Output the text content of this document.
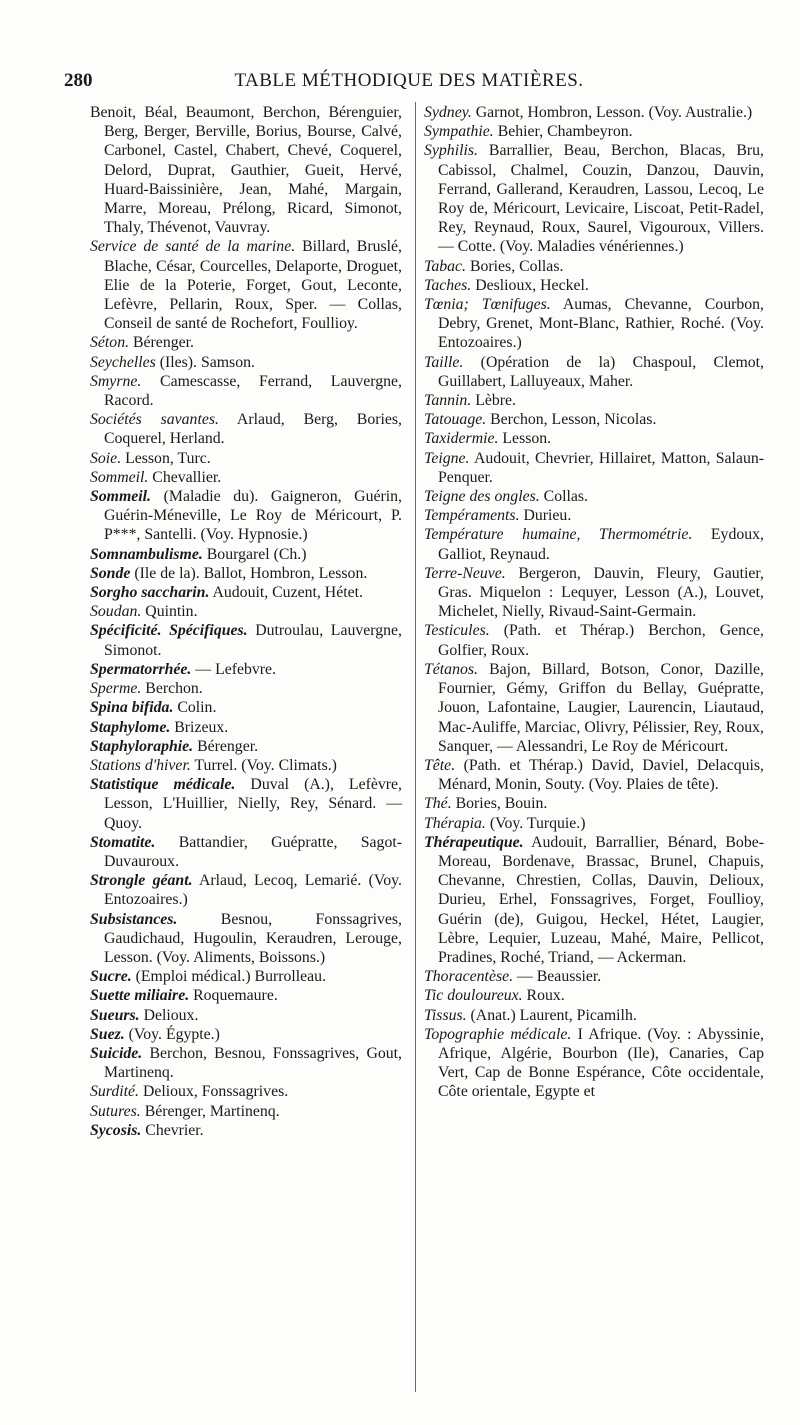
280	TABLE MÉTHODIQUE DES MATIÈRES.
Benoit, Béal, Beaumont, Berchon, Bérenguier, Berg, Berger, Berville, Borius, Bourse, Calvé, Carbonel, Castel, Chabert, Chevé, Coquerel, Delord, Duprat, Gauthier, Gueit, Hervé, Huard-Baissinière, Jean, Mahé, Margain, Marre, Moreau, Prélong, Ricard, Simonot, Thaly, Thévenot, Vauvray.
Service de santé de la marine. Billard, Bruslé, Blache, César, Courcelles, Delaporte, Droguet, Elie de la Poterie, Forget, Gout, Leconte, Lefèvre, Pellarin, Roux, Sper. — Collas, Conseil de santé de Rochefort, Foullioy.
Séton. Bérenger.
Seychelles (Iles). Samson.
Smyrne. Camescasse, Ferrand, Lauvergne, Racord.
Sociétés savantes. Arlaud, Berg, Bories, Coquerel, Herland.
Soie. Lesson, Turc.
Sommeil. Chevallier.
Sommeil. (Maladie du). Gaigneron, Guérin, Guérin-Méneville, Le Roy de Méricourt, P. P***, Santelli. (Voy. Hypnosie.)
Somnambulisme. Bourgarel (Ch.)
Sonde (Ile de la). Ballot, Hombron, Lesson.
Sorgho saccharin. Audouit, Cuzent, Hétet.
Soudan. Quintin.
Spécificité. Spécifiques. Dutroulau, Lauvergne, Simonot.
Spermatorrhée. — Lefebvre.
Sperme. Berchon.
Spina bifida. Colin.
Staphylome. Brizeux.
Staphyloraphie. Bérenger.
Stations d'hiver. Turrel. (Voy. Climats.)
Statistique médicale. Duval (A.), Lefèvre, Lesson, L'Huillier, Nielly, Rey, Sénard. — Quoy.
Stomatite. Battandier, Guépratte, Sagot-Duvauroux.
Strongle géant. Arlaud, Lecoq, Lemarié. (Voy. Entozoaires.)
Subsistances. Besnou, Fonssagrives, Gaudichaud, Hugoulin, Keraudren, Lerouge, Lesson. (Voy. Aliments, Boissons.)
Sucre. (Emploi médical.) Burrolleau.
Suette miliaire. Roquemaure.
Sueurs. Delioux.
Suez. (Voy. Égypte.)
Suicide. Berchon, Besnou, Fonssagrives, Gout, Martinenq.
Surdité. Delioux, Fonssagrives.
Sutures. Bérenger, Martinenq.
Sycosis. Chevrier.
Sydney. Garnot, Hombron, Lesson. (Voy. Australie.)
Sympathie. Behier, Chambeyron.
Syphilis. Barrallier, Beau, Berchon, Blacas, Bru, Cabissol, Chalmel, Couzin, Danzou, Dauvin, Ferrand, Gallerand, Keraudren, Lassou, Lecoq, Le Roy de, Méricourt, Levicaire, Liscoat, Petit-Radel, Rey, Reynaud, Roux, Saurel, Vigouroux, Villers. — Cotte. (Voy. Maladies vénériennes.)
Tabac. Bories, Collas.
Taches. Deslioux, Heckel.
Tœnia; Tœnifuges. Aumas, Chevanne, Courbon, Debry, Grenet, Mont-Blanc, Rathier, Roché. (Voy. Entozoaires.)
Taille. (Opération de la) Chaspoul, Clemot, Guillabert, Lalluyeaux, Maher.
Tannin. Lèbre.
Tatouage. Berchon, Lesson, Nicolas.
Taxidermie. Lesson.
Teigne. Audouit, Chevrier, Hillairet, Matton, Salaun-Penquer.
Teigne des ongles. Collas.
Tempéraments. Durieu.
Température humaine, Thermométrie. Eydoux, Galliot, Reynaud.
Terre-Neuve. Bergeron, Dauvin, Fleury, Gautier, Gras. Miquelon : Lequyer, Lesson (A.), Louvet, Michelet, Nielly, Rivaud-Saint-Germain.
Testicules. (Path. et Thérap.) Berchon, Gence, Golfier, Roux.
Tétanos. Bajon, Billard, Botson, Conor, Dazille, Fournier, Gémy, Griffon du Bellay, Guépratte, Jouon, Lafontaine, Laugier, Laurencin, Liautaud, Mac-Auliffe, Marciac, Olivry, Pélissier, Rey, Roux, Sanquer, — Alessandri, Le Roy de Méricourt.
Tête. (Path. et Thérap.) David, Daviel, Delacquis, Ménard, Monin, Souty. (Voy. Plaies de tête).
Thé. Bories, Bouin.
Thérapia. (Voy. Turquie.)
Thérapeutique. Audouit, Barrallier, Bénard, Bobe-Moreau, Bordenave, Brassac, Brunel, Chapuis, Chevanne, Chrestien, Collas, Dauvin, Delioux, Durieu, Erhel, Fonssagrives, Forget, Foullioy, Guérin (de), Guigou, Heckel, Hétet, Laugier, Lèbre, Lequier, Luzeau, Mahé, Maire, Pellicot, Pradines, Roché, Triand, — Ackerman.
Thoracentèse. — Beaussier.
Tic douloureux. Roux.
Tissus. (Anat.) Laurent, Picamilh.
Topographie médicale. I Afrique. (Voy. : Abyssinie, Afrique, Algérie, Bourbon (Ile), Canaries, Cap Vert, Cap de Bonne Espérance, Côte occidentale, Côte orientale, Egypte et
